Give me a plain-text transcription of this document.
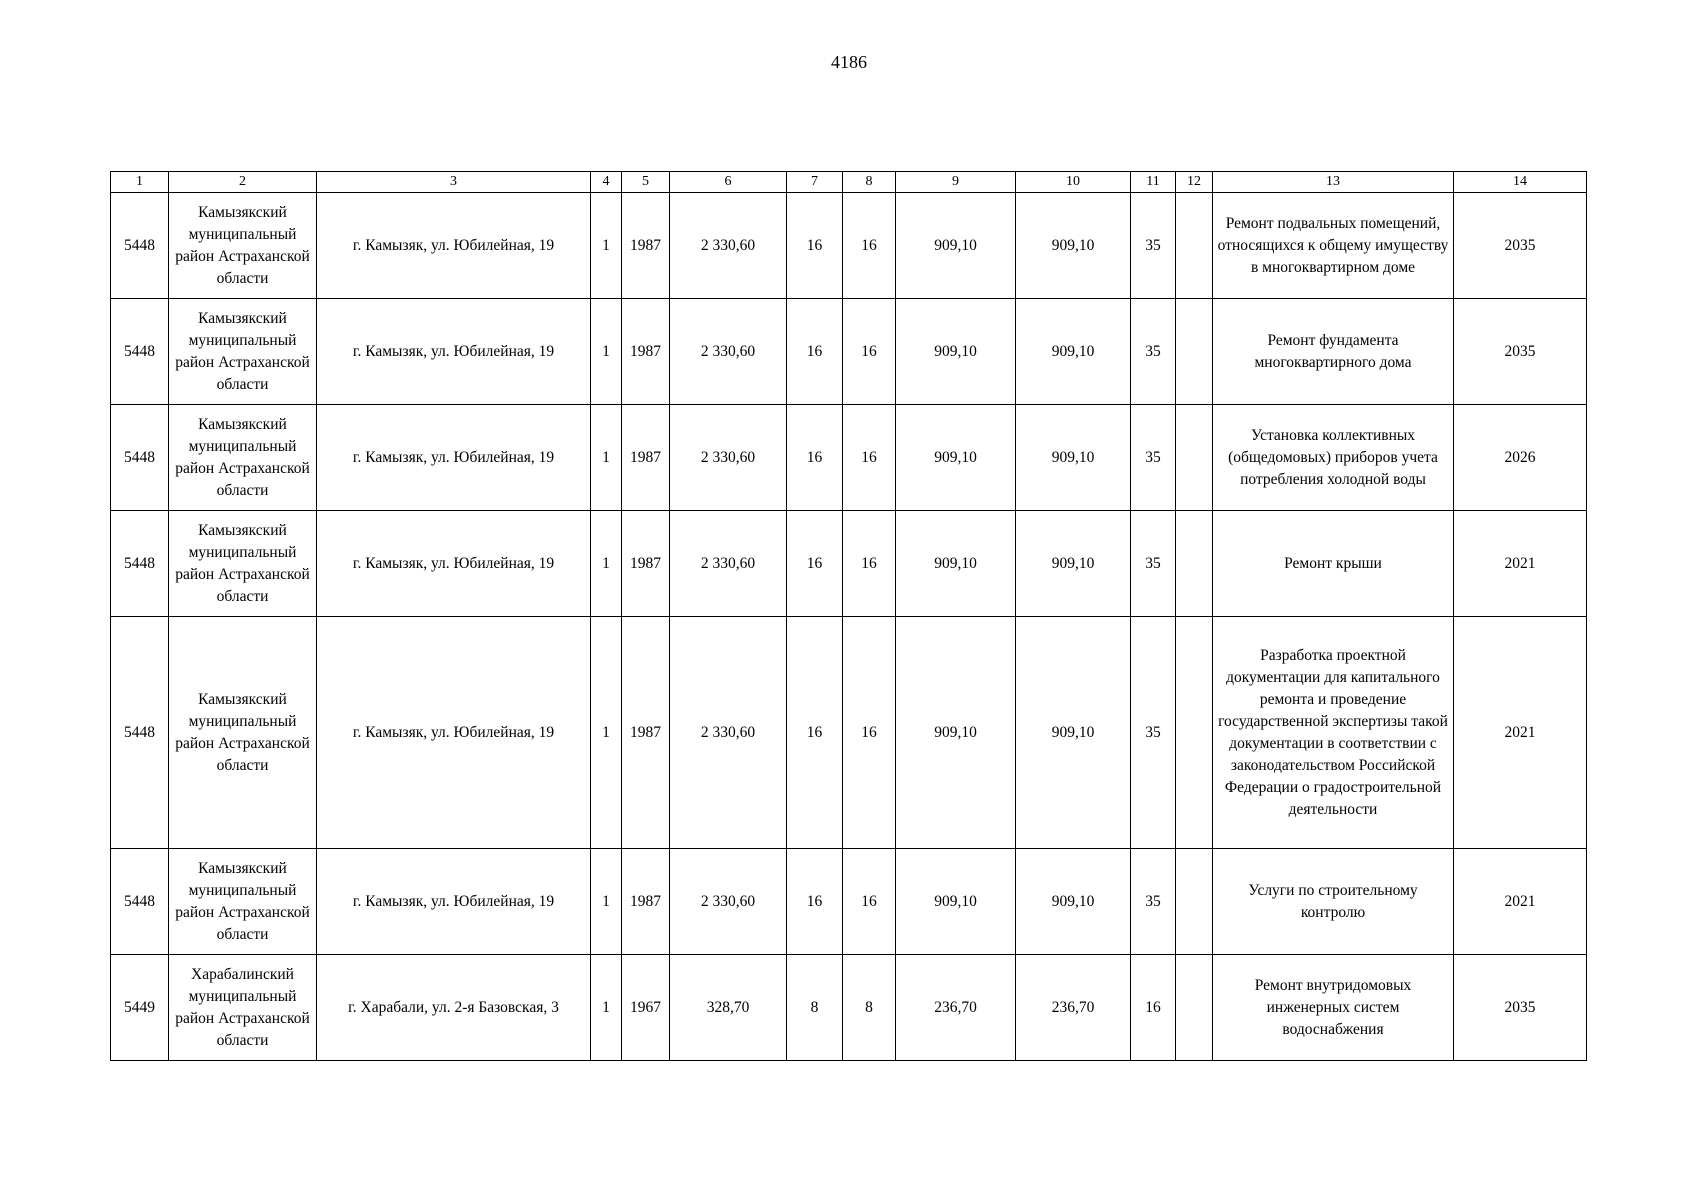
4186
1	2	3	4	5	6	7	8	9	10	11	12	13	14
5448	Камызякский муниципальный район Астраханской области	г. Камызяк, ул. Юбилейная, 19	1	1987	2 330,60	16	16	909,10	909,10	35		Ремонт подвальных помещений, относящихся к общему имуществу в многоквартирном доме	2035
5448	Камызякский муниципальный район Астраханской области	г. Камызяк, ул. Юбилейная, 19	1	1987	2 330,60	16	16	909,10	909,10	35		Ремонт фундамента многоквартирного дома	2035
5448	Камызякский муниципальный район Астраханской области	г. Камызяк, ул. Юбилейная, 19	1	1987	2 330,60	16	16	909,10	909,10	35		Установка коллективных (общедомовых) приборов учета потребления холодной воды	2026
5448	Камызякский муниципальный район Астраханской области	г. Камызяк, ул. Юбилейная, 19	1	1987	2 330,60	16	16	909,10	909,10	35		Ремонт крыши	2021
5448	Камызякский муниципальный район Астраханской области	г. Камызяк, ул. Юбилейная, 19	1	1987	2 330,60	16	16	909,10	909,10	35		Разработка проектной документации для капитального ремонта и проведение государственной экспертизы такой документации в соответствии с законодательством Российской Федерации о градостроительной деятельности	2021
5448	Камызякский муниципальный район Астраханской области	г. Камызяк, ул. Юбилейная, 19	1	1987	2 330,60	16	16	909,10	909,10	35		Услуги по строительному контролю	2021
5449	Харабалинский муниципальный район Астраханской области	г. Харабали, ул. 2-я Базовская, 3	1	1967	328,70	8	8	236,70	236,70	16		Ремонт внутридомовых инженерных систем водоснабжения	2035
